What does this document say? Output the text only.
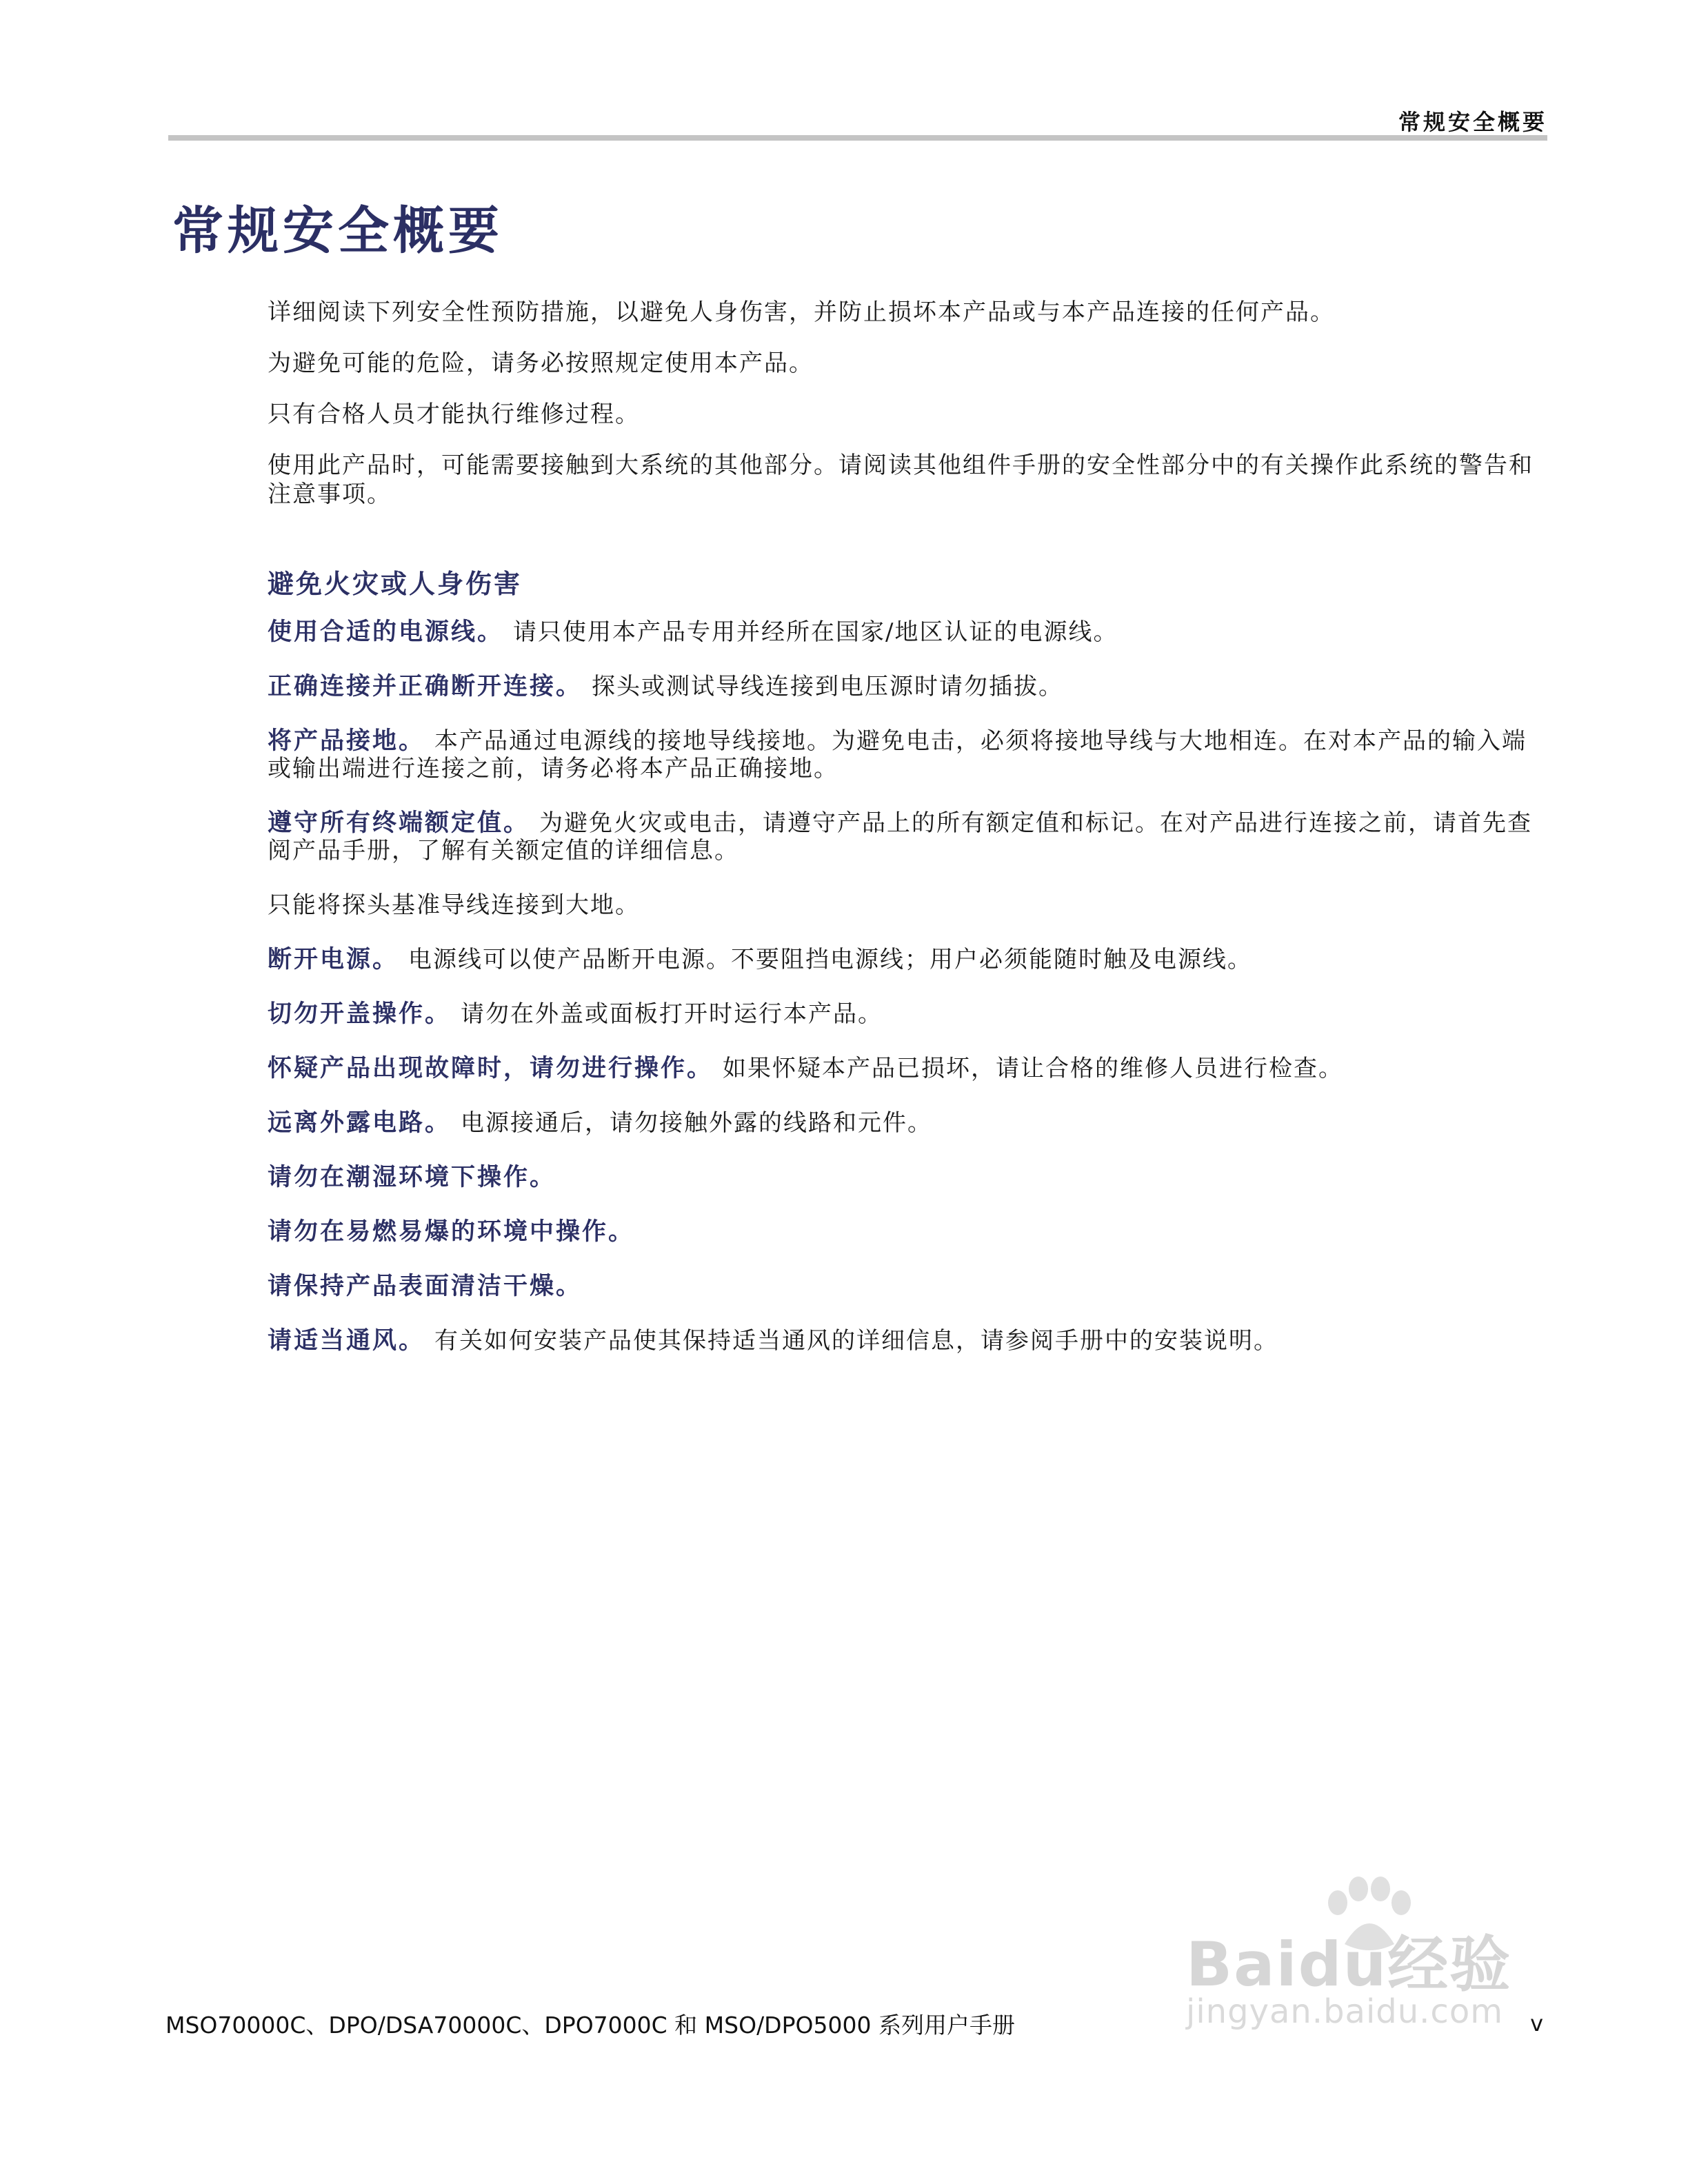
常规安全概要
常规安全概要

详细阅读下列安全性预防措施，以避免人身伤害，并防止损坏本产品或与本产品连接的任何产品。

为避免可能的危险，请务必按照规定使用本产品。

只有合格人员才能执行维修过程。

使用此产品时，可能需要接触到大系统的其他部分。请阅读其他组件手册的安全性部分中的有关操作此系统的警告和注意事项。

避免火灾或人身伤害

使用合适的电源线。 请只使用本产品专用并经所在国家/地区认证的电源线。

正确连接并正确断开连接。 探头或测试导线连接到电压源时请勿插拔。

将产品接地。 本产品通过电源线的接地导线接地。为避免电击，必须将接地导线与大地相连。在对本产品的输入端或输出端进行连接之前，请务必将本产品正确接地。

遵守所有终端额定值。 为避免火灾或电击，请遵守产品上的所有额定值和标记。在对产品进行连接之前，请首先查阅产品手册，了解有关额定值的详细信息。

只能将探头基准导线连接到大地。

断开电源。 电源线可以使产品断开电源。不要阻挡电源线；用户必须能随时触及电源线。

切勿开盖操作。 请勿在外盖或面板打开时运行本产品。

怀疑产品出现故障时，请勿进行操作。 如果怀疑本产品已损坏，请让合格的维修人员进行检查。

远离外露电路。 电源接通后，请勿接触外露的线路和元件。

请勿在潮湿环境下操作。

请勿在易燃易爆的环境中操作。

请保持产品表面清洁干燥。

请适当通风。 有关如何安装产品使其保持适当通风的详细信息，请参阅手册中的安装说明。

Baidu经验
jingyan.baidu.com
MSO70000C、DPO/DSA70000C、DPO7000C 和 MSO/DPO5000 系列用户手册	v
